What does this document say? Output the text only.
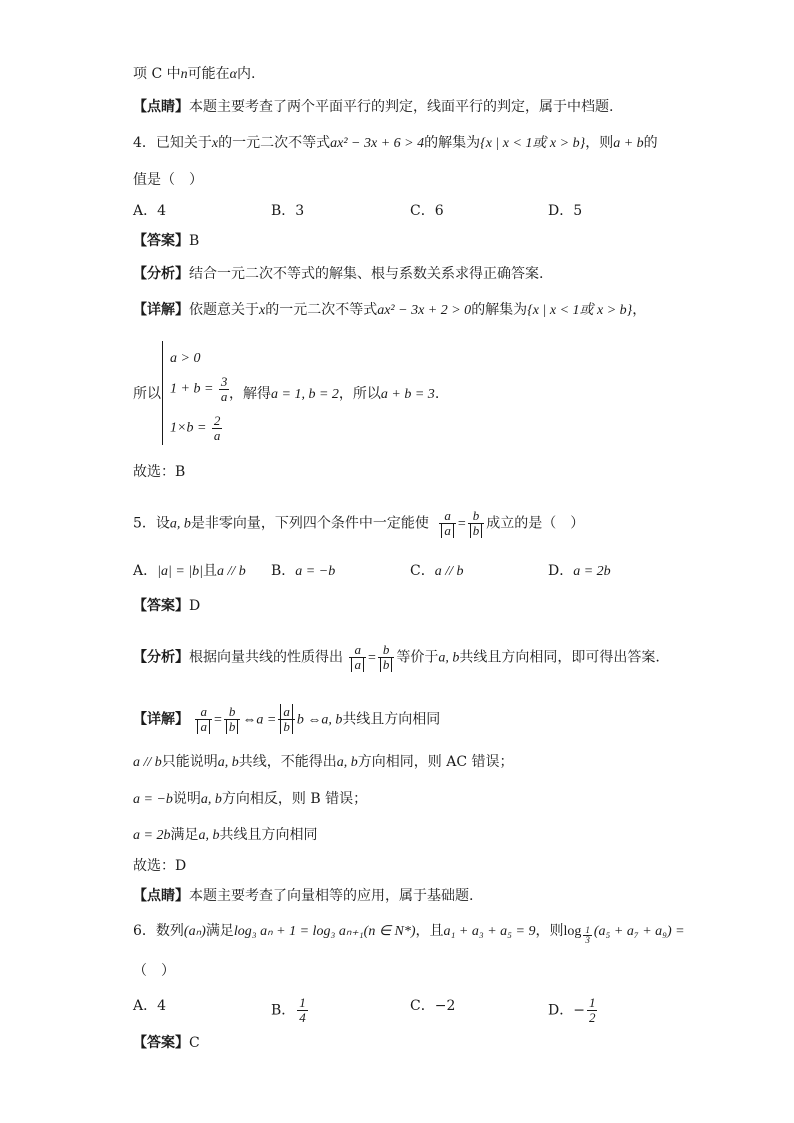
项 C 中n可能在α内.
【点睛】本题主要考查了两个平面平行的判定，线面平行的判定，属于中档题.
4．已知关于x的一元二次不等式ax² − 3x + 6 > 4的解集为{x | x < 1或 x > b}，则a + b的
值是（　）
A．4	B．3	C．6	D．5
【答案】B
【分析】结合一元二次不等式的解集、根与系数关系求得正确答案.
【详解】依题意关于x的一元二次不等式ax² − 3x + 2 > 0的解集为{x | x < 1或 x > b}，
所以
a > 0
$1 + b = \frac{3}{a}$
$1\times b = \frac{2}{a}$
，解得a = 1, b = 2，所以a + b = 3.
故选：B
5．设a, b是非零向量，下列四个条件中一定能使 $\frac{a}{a} = \frac{b}{b}$ 成立的是（　）
A．|a| = |b|且a // b B．a = −b	C．a // b	D．a = 2b
【答案】D
【分析】根据向量共线的性质得出 $\frac{a}{a} = \frac{b}{b}$ 等价于a, b共线且方向相同，即可得出答案.
【详解】 $\frac{a}{a} = \frac{b}{b}$ ⇔a = $\frac{a}{b}$ b ⇔a, b共线且方向相同
a // b只能说明a, b共线，不能得出a, b方向相同，则 AC 错误；
a = −b说明a, b方向相反，则 B 错误；
a = 2b满足a, b共线且方向相同
故选：D
【点睛】本题主要考查了向量相等的应用，属于基础题.
6．数列(aₙ)满足log₃ aₙ + 1 = log₃ aₙ₊₁(n ∈ N*)，且a₁ + a₃ + a₅ = 9，则$\log \frac{1}{3} (a_5 + a_7 + a_9)$ =
（　）
A．4	B． $\frac{1}{4}$	C．−2	D．− $\frac{1}{2}$
【答案】C
